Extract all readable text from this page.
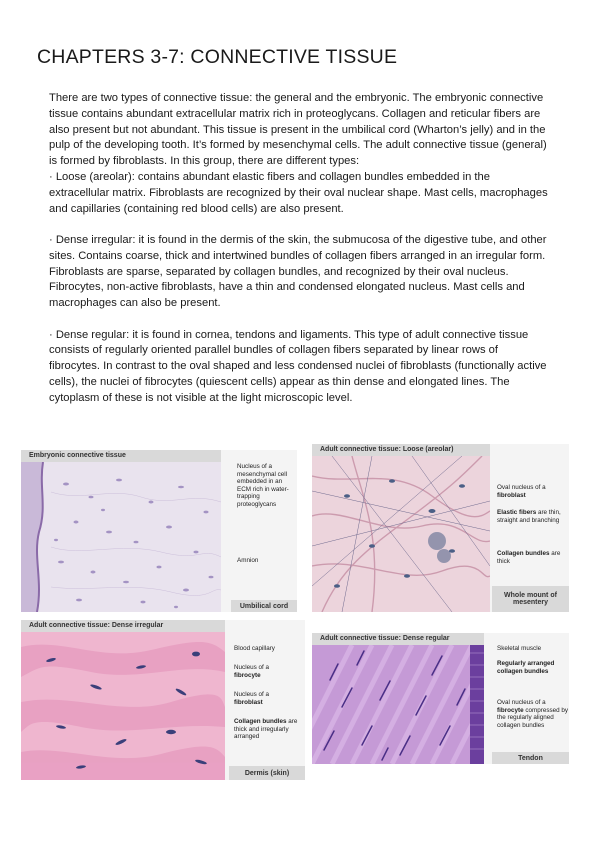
CHAPTERS 3-7: CONNECTIVE TISSUE

There are two types of connective tissue: the general and the embryonic. The embryonic connective tissue contains abundant extracellular matrix rich in proteoglycans. Collagen and reticular fibers are also present but not abundant. This tissue is present in the umbilical cord (Wharton’s jelly) and in the pulp of the developing tooth. It’s formed by mesenchymal cells. The adult connective tissue (general) is formed by fibroblasts. In this group, there are different types:

· Loose (areolar): contains abundant elastic fibers and collagen bundles embedded in the extracellular matrix. Fibroblasts are recognized by their oval nuclear shape. Mast cells, macrophages and capillaries (containing red blood cells) are also present.

· Dense irregular: it is found in the dermis of the skin, the submucosa of the digestive tube, and other sites. Contains coarse, thick and intertwined bundles of collagen fibers arranged in an irregular form. Fibroblasts are sparse, separated by collagen bundles, and recognized by their oval nucleus. Fibrocytes, non-active fibroblasts, have a thin and condensed elongated nucleus. Mast cells and macrophages can also be present.

· Dense regular: it is found in cornea, tendons and ligaments. This type of adult connective tissue consists of regularly oriented parallel bundles of collagen fibers separated by linear rows of fibrocytes. In contrast to the oval shaped and less condensed nuclei of fibroblasts (functionally active cells), the nuclei of fibrocytes (quiescent cells) appear as thin dense and elongated lines. The cytoplasm of these is not visible at the light microscopic level.

Embryonic connective tissue
Nucleus of a mesenchymal cell embedded in an ECM rich in water-trapping proteoglycans
Amnion
Umbilical cord
Adult connective tissue: Loose (areolar)
Oval nucleus of a fibroblast
Elastic fibers are thin, straight and branching
Collagen bundles are thick
Whole mount of mesentery
Adult connective tissue: Dense irregular
Blood capillary
Nucleus of a
fibrocyte
Nucleus of a
fibroblast
Collagen bundles are thick and irregularly arranged
Dermis (skin)
Adult connective tissue: Dense regular
Skeletal muscle
Regularly arranged collagen bundles
Oval nucleus of a fibrocyte compressed by the regularly aligned collagen bundles
Tendon
